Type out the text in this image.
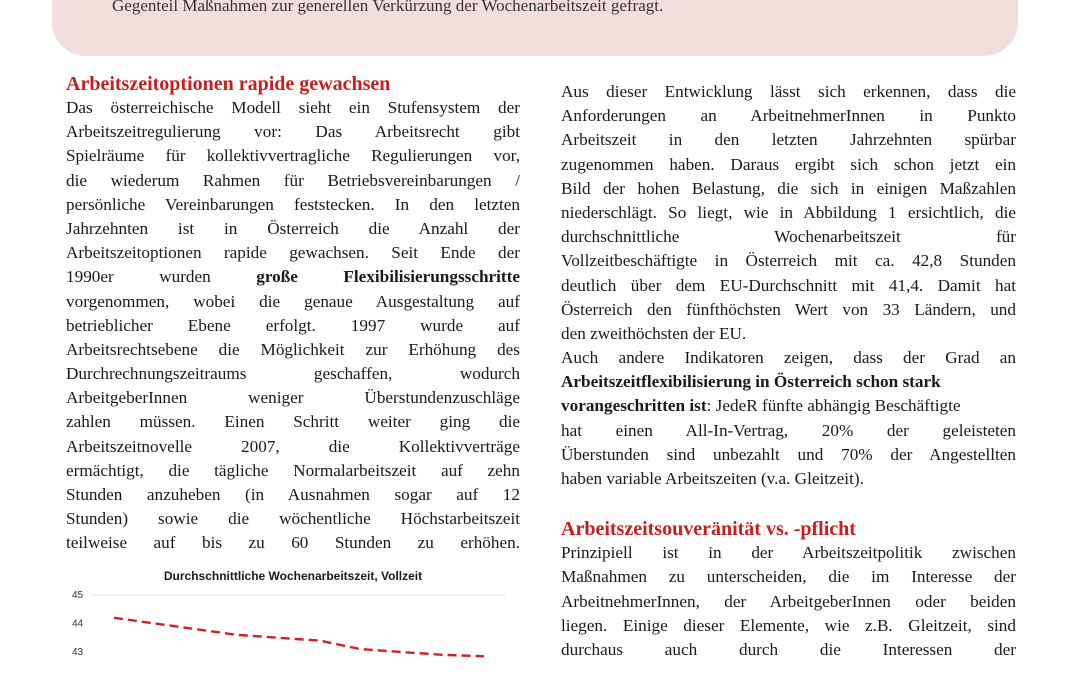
Gegenteil Maßnahmen zur generellen Verkürzung der Wochenarbeitszeit gefragt.
Arbeitszeitoptionen rapide gewachsen
Das österreichische Modell sieht ein Stufensystem der
Arbeitszeitregulierung vor: Das Arbeitsrecht gibt
Spielräume für kollektivvertragliche Regulierungen vor,
die wiederum Rahmen für Betriebsvereinbarungen /
persönliche Vereinbarungen feststecken. In den letzten
Jahrzehnten ist in Österreich die Anzahl der
Arbeitszeitoptionen rapide gewachsen. Seit Ende der
1990er wurden	große Flexibilisierungsschritte
vorgenommen, wobei die genaue Ausgestaltung auf
betrieblicher Ebene erfolgt. 1997 wurde auf
Arbeitsrechtsebene die Möglichkeit zur Erhöhung des
Durchrechnungszeitraums geschaffen, wodurch
ArbeitgeberInnen weniger Überstundenzuschläge
zahlen müssen. Einen Schritt weiter ging die
Arbeitszeitnovelle 2007, die Kollektivverträge
ermächtigt, die tägliche Normalarbeitszeit auf zehn
Stunden anzuheben (in Ausnahmen sogar auf 12
Stunden) sowie die wöchentliche Höchstarbeitszeit
teilweise auf bis zu 60 Stunden zu erhöhen.
Durchschnittliche Wochenarbeitszeit, Vollzeit
45
44
43
Aus dieser Entwicklung lässt sich erkennen, dass die
Anforderungen an ArbeitnehmerInnen in Punkto
Arbeitszeit in den letzten Jahrzehnten spürbar
zugenommen haben. Daraus ergibt sich schon jetzt ein
Bild der hohen Belastung, die sich in einigen Maßzahlen
niederschlägt. So liegt, wie in Abbildung 1 ersichtlich, die
durchschnittliche Wochenarbeitszeit für
Vollzeitbeschäftigte in Österreich mit ca. 42,8 Stunden
deutlich über dem EU-Durchschnitt mit 41,4. Damit hat
Österreich den fünfthöchsten Wert von 33 Ländern, und
den zweithöchsten der EU.
Auch andere Indikatoren zeigen, dass der Grad an
Arbeitszeitflexibilisierung in Österreich schon stark
vorangeschritten ist: JedeR fünfte abhängig Beschäftigte
hat einen All-In-Vertrag, 20% der geleisteten
Überstunden sind unbezahlt und 70% der Angestellten
haben variable Arbeitszeiten (v.a. Gleitzeit).
Arbeitszeitsouveränität vs. -pflicht
Prinzipiell ist in der Arbeitszeitpolitik zwischen
Maßnahmen zu unterscheiden, die im Interesse der
ArbeitnehmerInnen, der ArbeitgeberInnen oder beiden
liegen. Einige dieser Elemente, wie z.B. Gleitzeit, sind
durchaus auch durch die Interessen der
